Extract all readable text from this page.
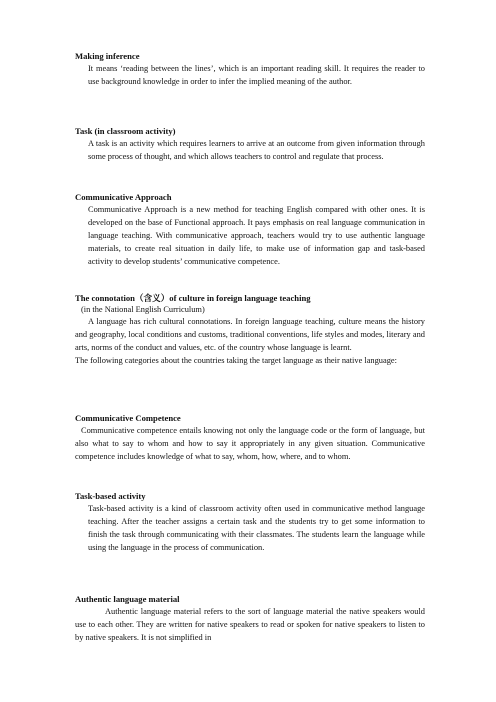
Making inference

It means ‘reading between the lines’, which is an important reading skill. It requires the reader to use background knowledge in order to infer the implied meaning of the author.

Task (in classroom activity)

A task is an activity which requires learners to arrive at an outcome from given information through some process of thought, and which allows teachers to control and regulate that process.

Communicative Approach

Communicative Approach is a new method for teaching English compared with other ones. It is developed on the base of Functional approach. It pays emphasis on real language communication in language teaching. With communicative approach, teachers would try to use authentic language materials, to create real situation in daily life, to make use of information gap and task-based activity to develop students’ communicative competence.

The connotation（含义）of culture in foreign language teaching
(in the National English Curriculum)

A language has rich cultural connotations. In foreign language teaching, culture means the history and geography, local conditions and customs, traditional conventions, life styles and modes, literary and arts, norms of the conduct and values, etc. of the country whose language is learnt.

The following categories about the countries taking the target language as their native language:

Communicative Competence

Communicative competence entails knowing not only the language code or the form of language, but also what to say to whom and how to say it appropriately in any given situation. Communicative competence includes knowledge of what to say, whom, how, where, and to whom.

Task-based activity

Task-based activity is a kind of classroom activity often used in communicative method language teaching. After the teacher assigns a certain task and the students try to get some information to finish the task through communicating with their classmates. The students learn the language while using the language in the process of communication.

Authentic language material

Authentic language material refers to the sort of language material the native speakers would use to each other. They are written for native speakers to read or spoken for native speakers to listen to by native speakers. It is not simplified in
